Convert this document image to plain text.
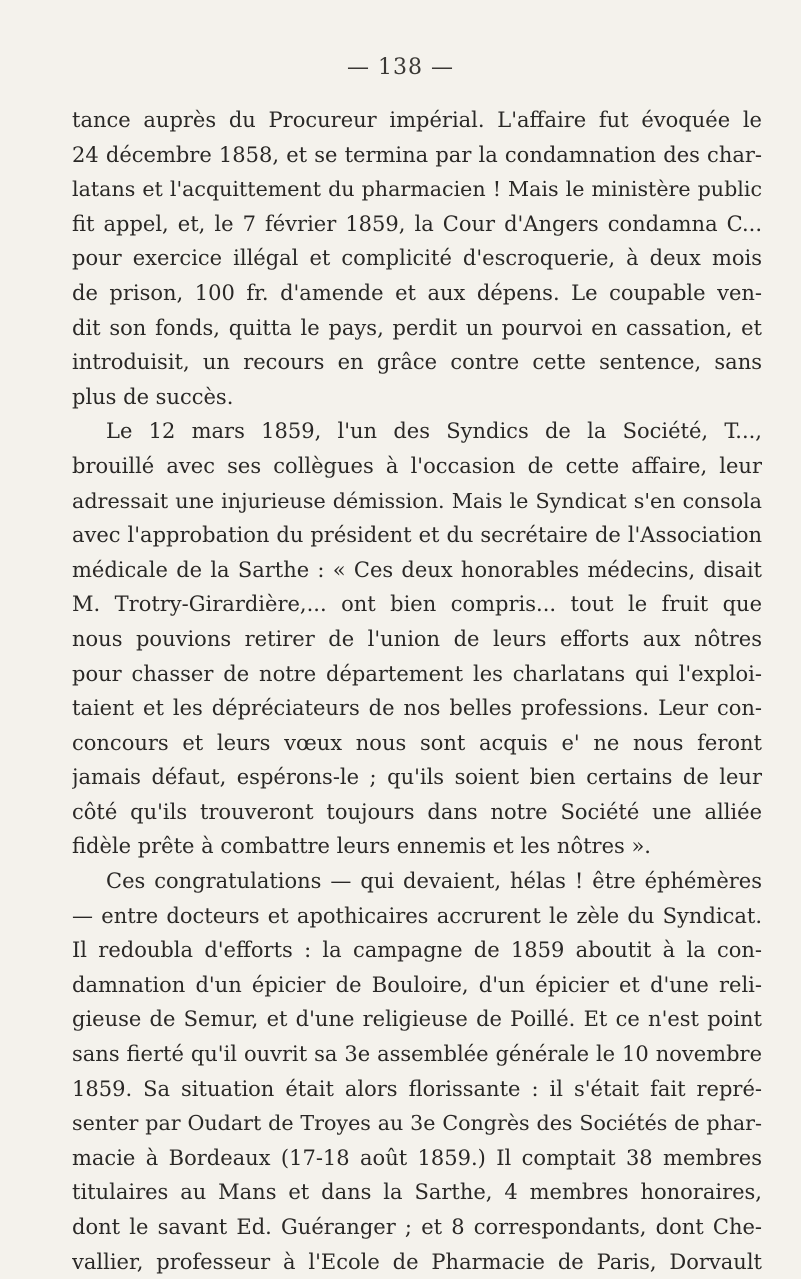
— 138 —
tance auprès du Procureur impérial. L'affaire fut évoquée le
24 décembre 1858, et se termina par la condamnation des char-
latans et l'acquittement du pharmacien ! Mais le ministère public
fit appel, et, le 7 février 1859, la Cour d'Angers condamna C...
pour exercice illégal et complicité d'escroquerie, à deux mois
de prison, 100 fr. d'amende et aux dépens. Le coupable ven-
dit son fonds, quitta le pays, perdit un pourvoi en cassation, et
introduisit, un recours en grâce contre cette sentence, sans
plus de succès.
Le 12 mars 1859, l'un des Syndics de la Société, T...,
brouillé avec ses collègues à l'occasion de cette affaire, leur
adressait une injurieuse démission. Mais le Syndicat s'en consola
avec l'approbation du président et du secrétaire de l'Association
médicale de la Sarthe : « Ces deux honorables médecins, disait
M. Trotry-Girardière,... ont bien compris... tout le fruit que
nous pouvions retirer de l'union de leurs efforts aux nôtres
pour chasser de notre département les charlatans qui l'exploi-
taient et les dépréciateurs de nos belles professions. Leur con-
concours et leurs vœux nous sont acquis e' ne nous feront
jamais défaut, espérons-le ; qu'ils soient bien certains de leur
côté qu'ils trouveront toujours dans notre Société une alliée
fidèle prête à combattre leurs ennemis et les nôtres ».
Ces congratulations — qui devaient, hélas ! être éphémères
— entre docteurs et apothicaires accrurent le zèle du Syndicat.
Il redoubla d'efforts : la campagne de 1859 aboutit à la con-
damnation d'un épicier de Bouloire, d'un épicier et d'une reli-
gieuse de Semur, et d'une religieuse de Poillé. Et ce n'est point
sans fierté qu'il ouvrit sa 3e assemblée générale le 10 novembre
1859. Sa situation était alors florissante : il s'était fait repré-
senter par Oudart de Troyes au 3e Congrès des Sociétés de phar-
macie à Bordeaux (17-18 août 1859.) Il comptait 38 membres
titulaires au Mans et dans la Sarthe, 4 membres honoraires,
dont le savant Ed. Guéranger ; et 8 correspondants, dont Che-
vallier, professeur à l'Ecole de Pharmacie de Paris, Dorvault
